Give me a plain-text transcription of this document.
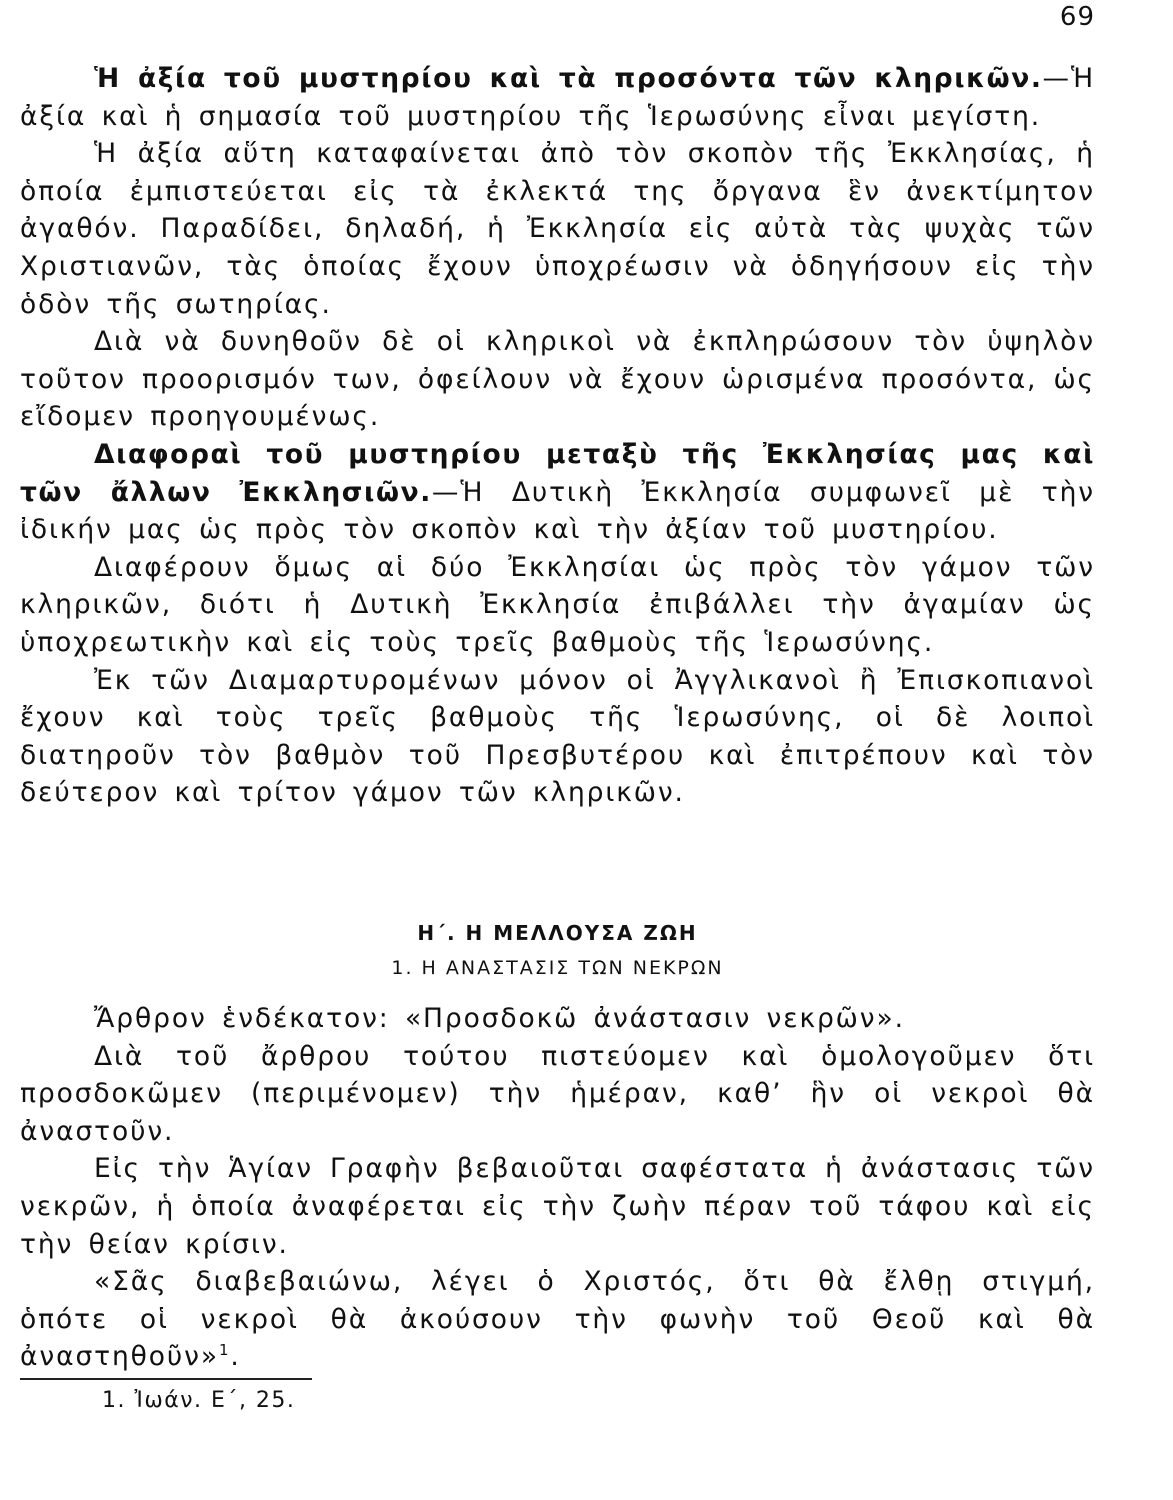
69

Ἡ ἀξία τοῦ μυστηρίου καὶ τὰ προσόντα τῶν κληρικῶν.—Ἡ ἀξία καὶ ἡ σημασία τοῦ μυστηρίου τῆς Ἱερωσύνης εἶναι μεγίστη.

Ἡ ἀξία αὕτη καταφαίνεται ἀπὸ τὸν σκοπὸν τῆς Ἐκκλησίας, ἡ ὁποία ἐμπιστεύεται εἰς τὰ ἐκλεκτά της ὄργανα ἓν ἀνεκτίμητον ἀγαθόν. Παραδίδει, δηλαδή, ἡ Ἐκκλησία εἰς αὐτὰ τὰς ψυχὰς τῶν Χριστιανῶν, τὰς ὁποίας ἔχουν ὑποχρέωσιν νὰ ὁδηγήσουν εἰς τὴν ὁδὸν τῆς σωτηρίας.

Διὰ νὰ δυνηθοῦν δὲ οἱ κληρικοὶ νὰ ἐκπληρώσουν τὸν ὑψηλὸν τοῦτον προορισμόν των, ὀφείλουν νὰ ἔχουν ὡρισμένα προσόντα, ὡς εἴδομεν προηγουμένως.

Διαφοραὶ τοῦ μυστηρίου μεταξὺ τῆς Ἐκκλησίας μας καὶ τῶν ἄλλων Ἐκκλησιῶν.—Ἡ Δυτικὴ Ἐκκλησία συμφωνεῖ μὲ τὴν ἰδικήν μας ὡς πρὸς τὸν σκοπὸν καὶ τὴν ἀξίαν τοῦ μυστηρίου.

Διαφέρουν ὅμως αἱ δύο Ἐκκλησίαι ὡς πρὸς τὸν γάμον τῶν κληρικῶν, διότι ἡ Δυτικὴ Ἐκκλησία ἐπιβάλλει τὴν ἀγαμίαν ὡς ὑποχρεωτικὴν καὶ εἰς τοὺς τρεῖς βαθμοὺς τῆς Ἱερωσύνης.

Ἐκ τῶν Διαμαρτυρομένων μόνον οἱ Ἀγγλικανοὶ ἢ Ἐπισκοπιανοὶ ἔχουν καὶ τοὺς τρεῖς βαθμοὺς τῆς Ἱερωσύνης, οἱ δὲ λοιποὶ διατηροῦν τὸν βαθμὸν τοῦ Πρεσβυτέρου καὶ ἐπιτρέπουν καὶ τὸν δεύτερον καὶ τρίτον γάμον τῶν κληρικῶν.

Η΄. Η ΜΕΛΛΟΥΣΑ ΖΩΗ
1. Η ΑΝΑΣΤΑΣΙΣ ΤΩΝ ΝΕΚΡΩΝ

Ἄρθρον ἑνδέκατον: «Προσδοκῶ ἀνάστασιν νεκρῶν».

Διὰ τοῦ ἄρθρου τούτου πιστεύομεν καὶ ὁμολογοῦμεν ὅτι προσδοκῶμεν (περιμένομεν) τὴν ἡμέραν, καθ’ ἣν οἱ νεκροὶ θὰ ἀναστοῦν.

Εἰς τὴν Ἁγίαν Γραφὴν βεβαιοῦται σαφέστατα ἡ ἀνάστασις τῶν νεκρῶν, ἡ ὁποία ἀναφέρεται εἰς τὴν ζωὴν πέραν τοῦ τάφου καὶ εἰς τὴν θείαν κρίσιν.

«Σᾶς διαβεβαιώνω, λέγει ὁ Χριστός, ὅτι θὰ ἔλθῃ στιγμή, ὁπότε οἱ νεκροὶ θὰ ἀκούσουν τὴν φωνὴν τοῦ Θεοῦ καὶ θὰ ἀναστηθοῦν»$^1$.

1. Ἰωάν. Ε΄, 25.
